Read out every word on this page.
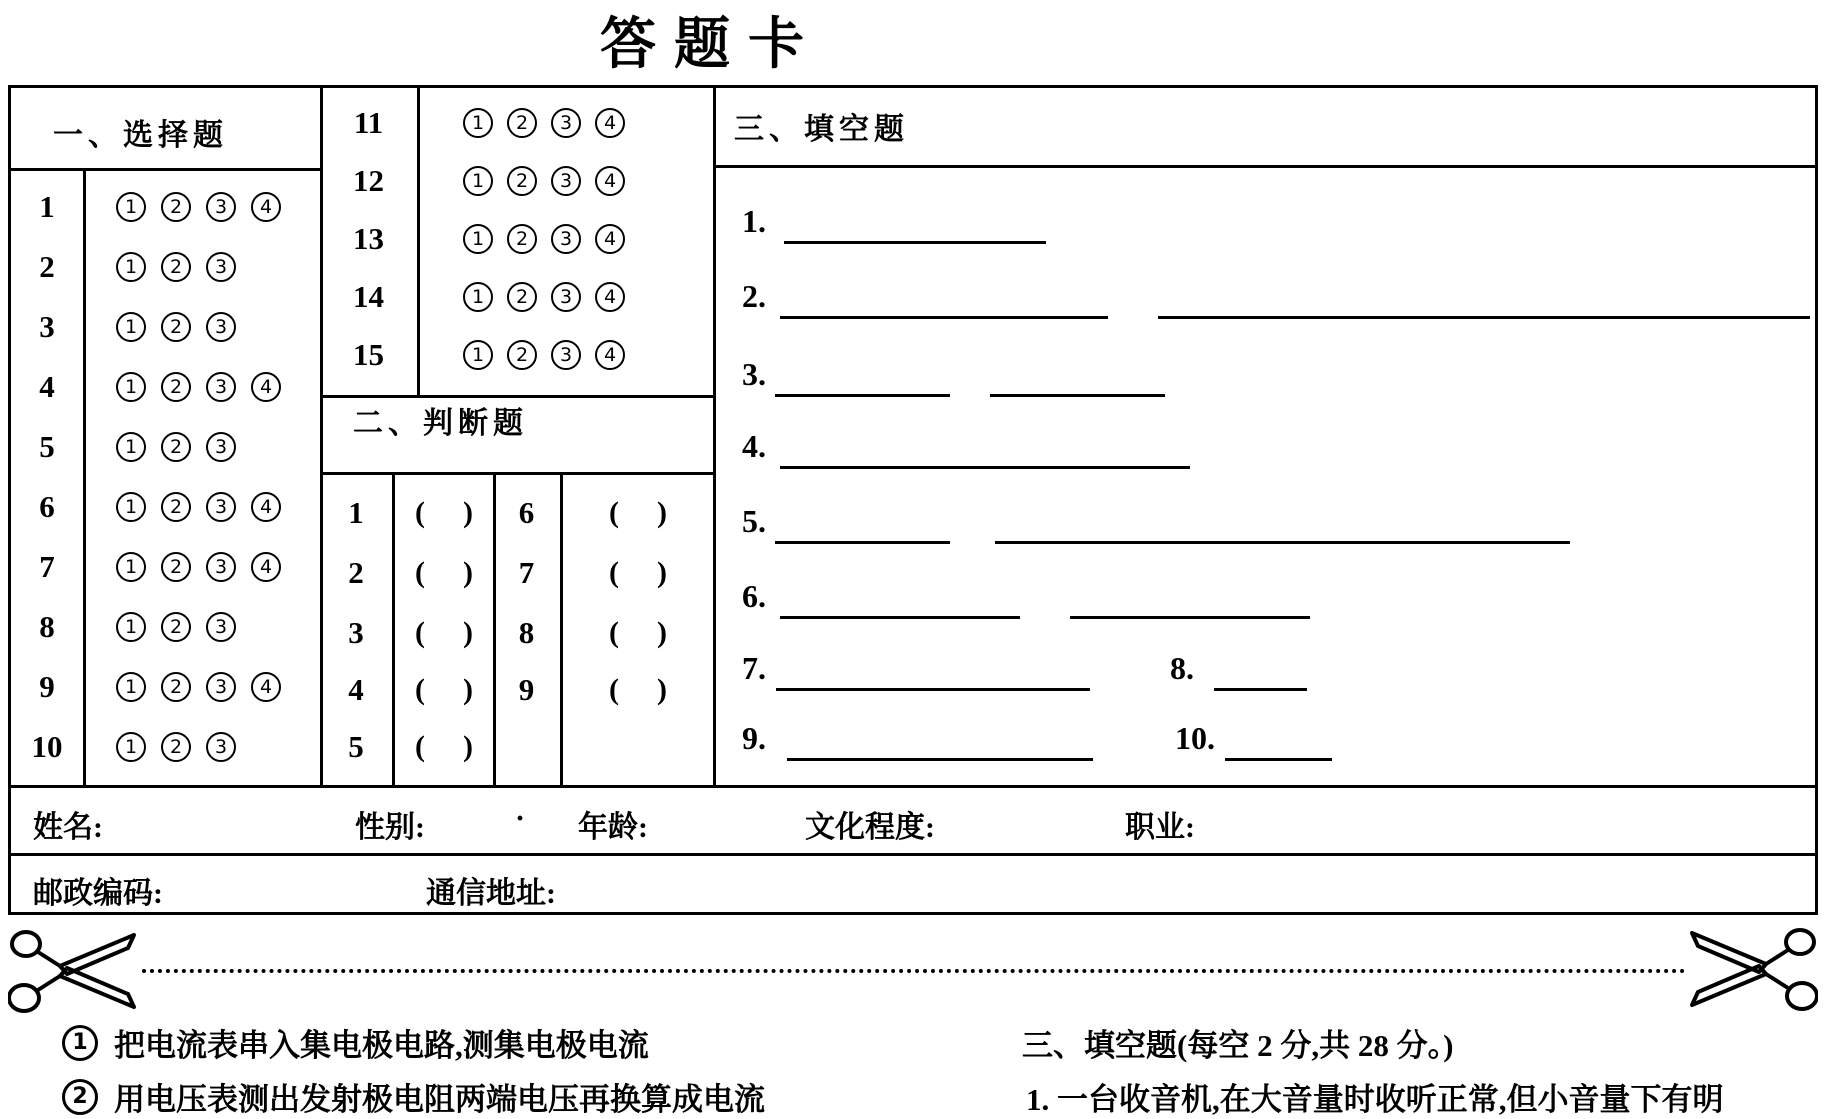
答 题 卡
一、选择题
二、判断题
三、填空题
1	1	2	3	4
2	1	2	3
3	1	2	3
4	1	2	3	4
5	1	2	3
6	1	2	3	4
7	1	2	3	4
8	1	2	3
9	1	2	3	4
10	1	2	3
11	1	2	3	4
12	1	2	3	4
13	1	2	3	4
14	1	2	3	4
15	1	2	3	4
1 ( )
2 ( )
3 ( )
4 ( )
5 ( )
6 ( )
7 ( )
8 ( )
9 ( )
1.
2.
3.
4.
5.
6.
7.	8.
9.	10.
姓名:	性别:	· 年龄:	文化程度:	职业:
邮政编码:	通信地址:
1 把电流表串入集电极电路,测集电极电流
2 用电压表测出发射极电阻两端电压再换算成电流
三、填空题(每空 2 分,共 28 分。)
1. 一台收音机,在大音量时收听正常,但小音量下有明
